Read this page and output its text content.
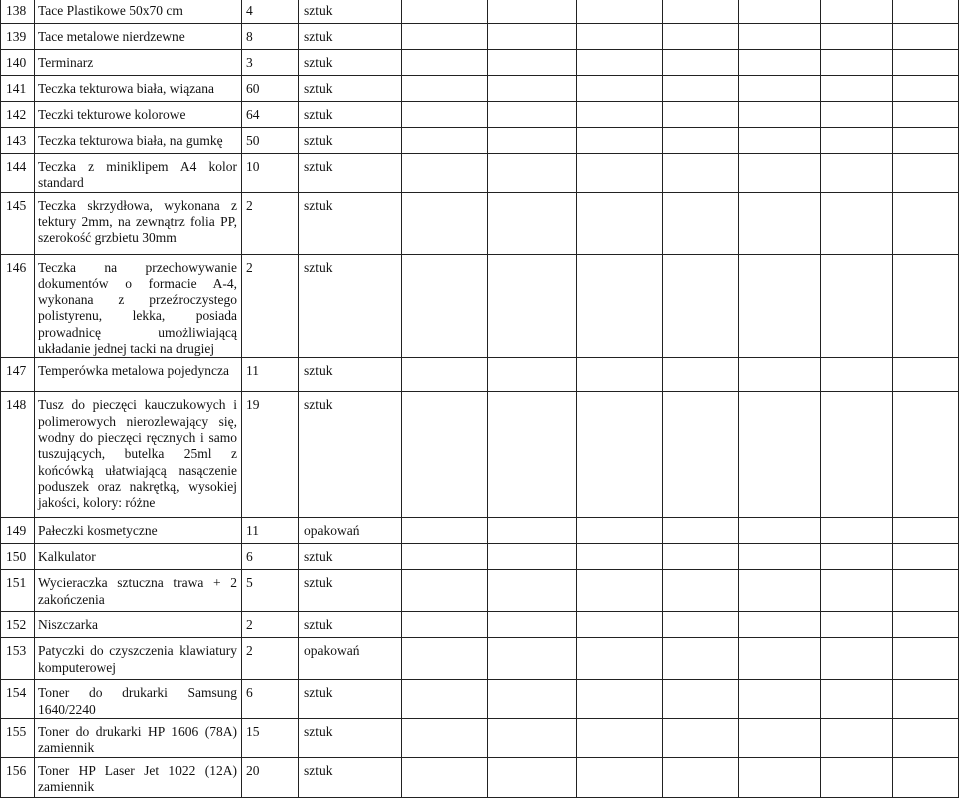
138	Tace Plastikowe 50x70 cm	4	sztuk							
139	Tace metalowe nierdzewne	8	sztuk							
140	Terminarz	3	sztuk							
141	Teczka tekturowa biała, wiązana	60	sztuk							
142	Teczki tekturowe kolorowe	64	sztuk							
143	Teczka tekturowa biała, na gumkę	50	sztuk							
144	Teczka z miniklipem A4 kolor standard	10	sztuk							
145	Teczka skrzydłowa, wykonana z tektury 2mm, na zewnątrz folia PP, szerokość grzbietu 30mm	2	sztuk							
146	Teczka na przechowywanie dokumentów o formacie A-4, wykonana z przeźroczystego polistyrenu, lekka, posiada prowadnicę umożliwiającą układanie jednej tacki na drugiej	2	sztuk							
147	Temperówka metalowa pojedyncza	11	sztuk							
148	Tusz do pieczęci kauczukowych i polimerowych nierozlewający się, wodny do pieczęci ręcznych i samo tuszujących, butelka 25ml z końcówką ułatwiającą nasączenie poduszek oraz nakrętką, wysokiej jakości, kolory: różne	19	sztuk							
149	Pałeczki kosmetyczne	11	opakowań							
150	Kalkulator	6	sztuk							
151	Wycieraczka sztuczna trawa + 2 zakończenia	5	sztuk							
152	Niszczarka	2	sztuk							
153	Patyczki do czyszczenia klawiatury komputerowej	2	opakowań							
154	Toner do drukarki Samsung 1640/2240	6	sztuk							
155	Toner do drukarki HP 1606 (78A) zamiennik	15	sztuk							
156	Toner HP Laser Jet 1022 (12A) zamiennik	20	sztuk							
